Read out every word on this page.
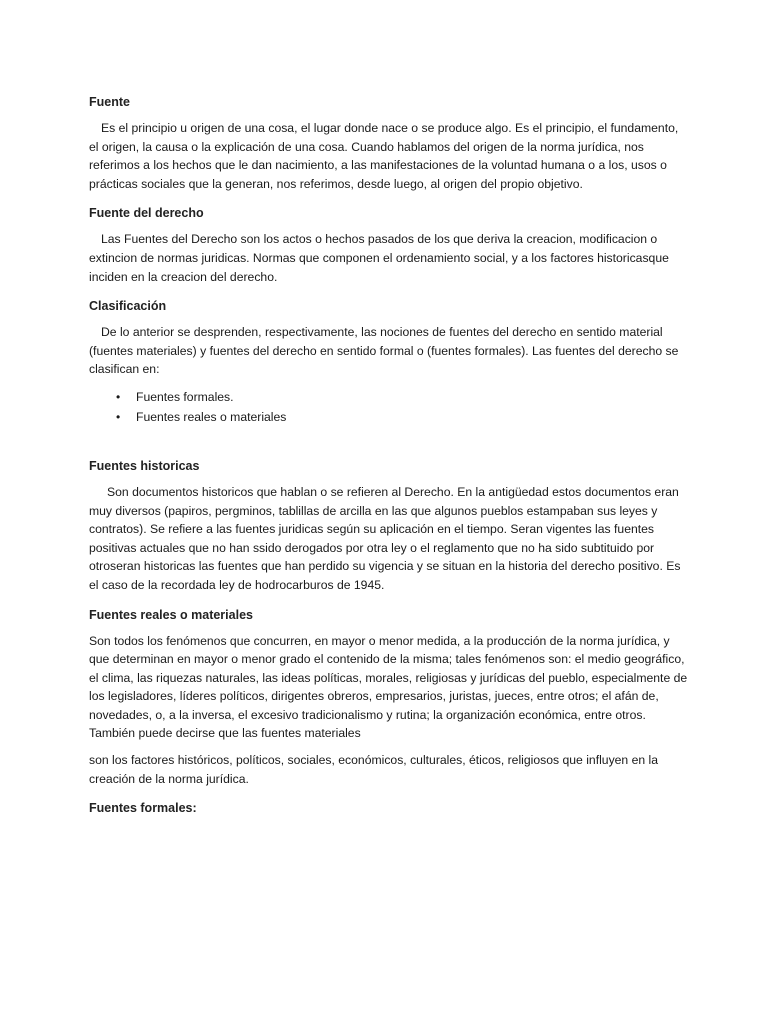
Fuente

Es el principio u origen de una cosa, el lugar donde nace o se produce algo. Es el principio, el fundamento, el origen, la causa o la explicación de una cosa. Cuando hablamos del origen de la norma jurídica, nos referimos a los hechos que le dan nacimiento, a las manifestaciones de la voluntad humana o a los, usos o prácticas sociales que la generan, nos referimos, desde luego, al origen del propio objetivo.

Fuente del derecho

Las Fuentes del Derecho son los actos o hechos pasados de los que deriva la creacion, modificacion o extincion de normas juridicas. Normas que componen el ordenamiento social, y a los factores historicasque inciden en la creacion del derecho.

Clasificación

De lo anterior se desprenden, respectivamente, las nociones de fuentes del derecho en sentido material (fuentes materiales) y fuentes del derecho en sentido formal o (fuentes formales). Las fuentes del derecho se clasifican en:

• Fuentes formales.
• Fuentes reales o materiales

Fuentes historicas

Son documentos historicos que hablan o se refieren al Derecho. En la antigüedad estos documentos eran muy diversos (papiros, pergminos, tablillas de arcilla en las que algunos pueblos estampaban sus leyes y contratos). Se refiere a las fuentes juridicas según su aplicación en el tiempo. Seran vigentes las fuentes positivas actuales que no han ssido derogados por otra ley o el reglamento que no ha sido subtituido por otroseran historicas las fuentes que han perdido su vigencia y se situan en la historia del derecho positivo. Es el caso de la recordada ley de hodrocarburos de 1945.

Fuentes reales o materiales

Son todos los fenómenos que concurren, en mayor o menor medida, a la producción de la norma jurídica, y que determinan en mayor o menor grado el contenido de la misma; tales fenómenos son: el medio geográfico, el clima, las riquezas naturales, las ideas políticas, morales, religiosas y jurídicas del pueblo, especialmente de los legisladores, líderes políticos, dirigentes obreros, empresarios, juristas, jueces, entre otros; el afán de, novedades, o, a la inversa, el excesivo tradicionalismo y rutina; la organización económica, entre otros. También puede decirse que las fuentes materiales

son los factores históricos, políticos, sociales, económicos, culturales, éticos, religiosos que influyen en la creación de la norma jurídica.

Fuentes formales:
